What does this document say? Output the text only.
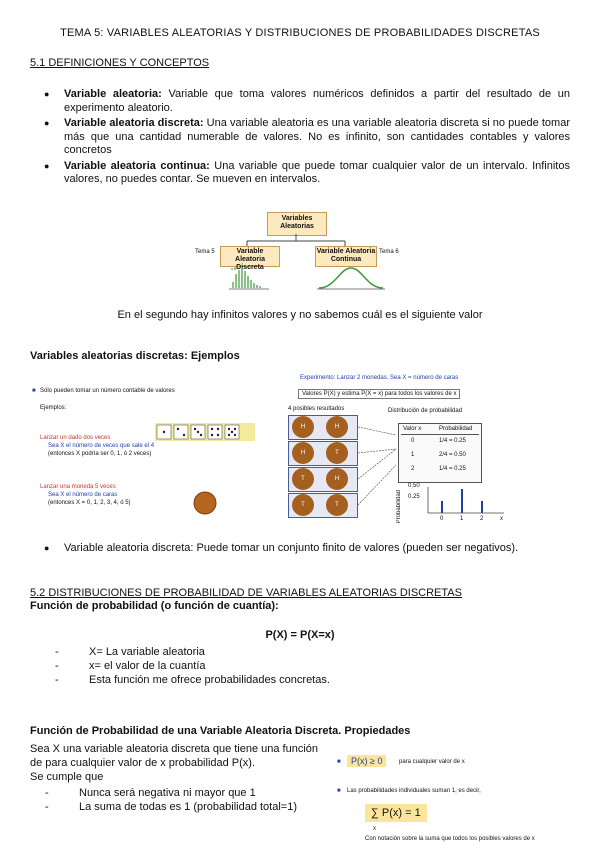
TEMA 5: VARIABLES ALEATORIAS Y DISTRIBUCIONES DE PROBABILIDADES DISCRETAS
5.1 DEFINICIONES Y CONCEPTOS
● Variable aleatoria: Variable que toma valores numéricos definidos a partir del resultado de un experimento aleatorio.
● Variable aleatoria discreta: Una variable aleatoria es una variable aleatoria discreta si no puede tomar más que una cantidad numerable de valores. No es infinito, son cantidades contables y valores concretos
● Variable aleatoria continua: Una variable que puede tomar cualquier valor de un intervalo. Infinitos valores, no puedes contar. Se mueven en intervalos.
Variables Aleatorias
Variable Aleatoria Discreta
Variable Aleatoria Continua
Tema 5	Tema 6
En el segundo hay infinitos valores y no sabemos cuál es el siguiente valor
Variables aleatorias discretas: Ejemplos
■ Sólo pueden tomar un número contable de valores
Ejemplos:
Lanzar un dado dos veces
Sea X el número de veces que sale el 4
(entonces X podría ser 0, 1, ó 2 veces)
Lanzar una moneda 5 veces
Sea X el número de caras
(entonces X = 0, 1, 2, 3, 4, ó 5)
Experimento: Lanzar 2 monedas. Sea X = número de caras
Valores P(X) y estima P(X = x) para todos los valores de x
4 posibles resultados	Distribución de probabilidad
H	H
H	T
T	H
T	T
Valor x	Probabilidad
0	1/4 = 0.25
1	2/4 = 0.50
2	1/4 = 0.25
Probabilidad
0.50
0.25
0	1	2	x
● Variable aleatoria discreta: Puede tomar un conjunto finito de valores (pueden ser negativos).
5.2 DISTRIBUCIONES DE PROBABILIDAD DE VARIABLES ALEATORIAS DISCRETAS
Función de probabilidad (o función de cuantía):
P(X) = P(X=x)
- X= La variable aleatoria
- x= el valor de la cuantía
- Esta función me ofrece probabilidades concretas.
Función de Probabilidad de una Variable Aleatoria Discreta. Propiedades
Sea X una variable aleatoria discreta que tiene una función
de para cualquier valor de x probabilidad P(x).
Se cumple que
- Nunca será negativa ni mayor que 1
- La suma de todas es 1 (probabilidad total=1)
■	P(x) ≥ 0	para cualquier valor de x
■ Las probabilidades individuales suman 1, es decir,
∑ P(x) = 1
x
Con notación sobre la suma que todos los posibles valores de x
